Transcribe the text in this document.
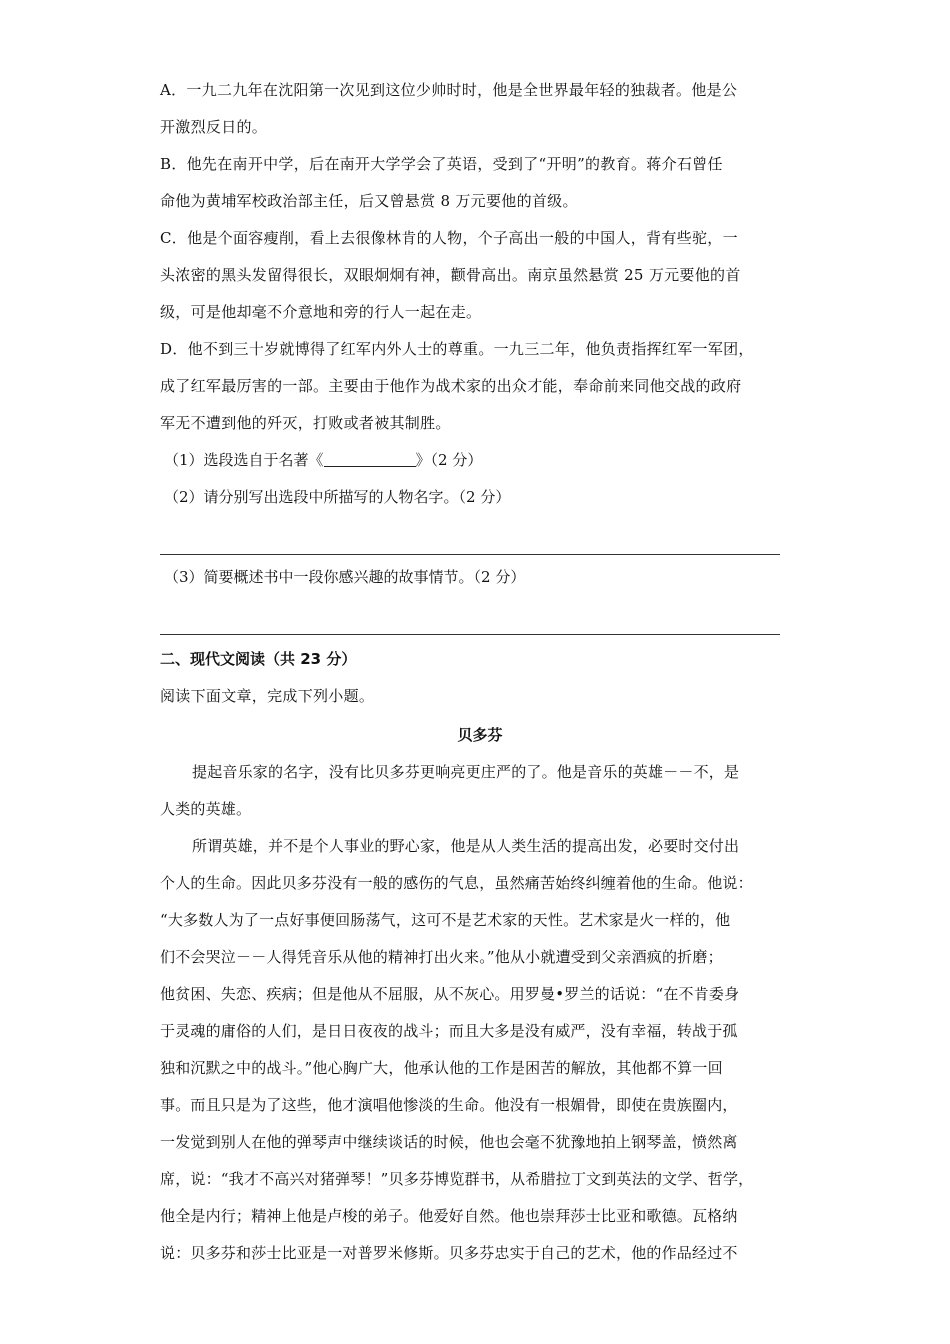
A．一九二九年在沈阳第一次见到这位少帅时时，他是全世界最年轻的独裁者。他是公
开激烈反日的。
B．他先在南开中学，后在南开大学学会了英语，受到了“开明”的教育。蒋介石曾任
命他为黄埔军校政治部主任，后又曾悬赏 8 万元要他的首级。
C．他是个面容瘦削，看上去很像林肯的人物，个子高出一般的中国人，背有些驼，一
头浓密的黑头发留得很长，双眼炯炯有神，颧骨高出。南京虽然悬赏 25 万元要他的首
级，可是他却毫不介意地和旁的行人一起在走。
D．他不到三十岁就博得了红军内外人士的尊重。一九三二年，他负责指挥红军一军团，
成了红军最厉害的一部。主要由于他作为战术家的出众才能，奉命前来同他交战的政府
军无不遭到他的歼灭，打败或者被其制胜。
（1）选段选自于名著《	》（2 分）
（2）请分别写出选段中所描写的人物名字。（2 分）
（3）简要概述书中一段你感兴趣的故事情节。（2 分）
二、现代文阅读（共 23 分）
阅读下面文章，完成下列小题。
贝多芬
提起音乐家的名字，没有比贝多芬更响亮更庄严的了。他是音乐的英雄－－不，是
人类的英雄。
所谓英雄，并不是个人事业的野心家，他是从人类生活的提高出发，必要时交付出
个人的生命。因此贝多芬没有一般的感伤的气息，虽然痛苦始终纠缠着他的生命。他说：
“大多数人为了一点好事便回肠荡气，这可不是艺术家的天性。艺术家是火一样的，他
们不会哭泣－－人得凭音乐从他的精神打出火来。”他从小就遭受到父亲酒疯的折磨；
他贫困、失恋、疾病；但是他从不屈服，从不灰心。用罗曼•罗兰的话说：“在不肯委身
于灵魂的庸俗的人们，是日日夜夜的战斗；而且大多是没有威严，没有幸福，转战于孤
独和沉默之中的战斗。”他心胸广大，他承认他的工作是困苦的解放，其他都不算一回
事。而且只是为了这些，他才演唱他惨淡的生命。他没有一根媚骨，即使在贵族圈内，
一发觉到别人在他的弹琴声中继续谈话的时候，他也会毫不犹豫地拍上钢琴盖，愤然离
席，说：“我才不高兴对猪弹琴！”贝多芬博览群书，从希腊拉丁文到英法的文学、哲学，
他全是内行；精神上他是卢梭的弟子。他爱好自然。他也崇拜莎士比亚和歌德。瓦格纳
说：贝多芬和莎士比亚是一对普罗米修斯。贝多芬忠实于自己的艺术，他的作品经过不
